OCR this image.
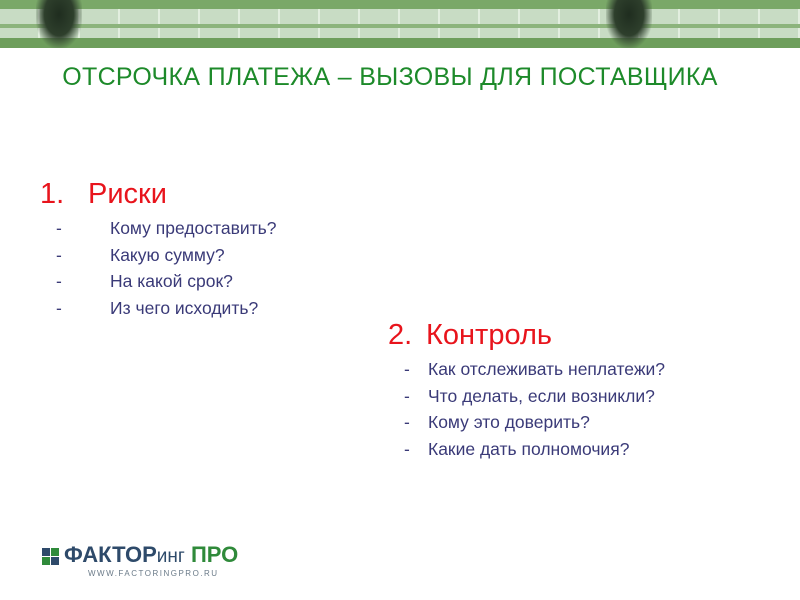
ОТСРОЧКА ПЛАТЕЖА – ВЫЗОВЫ ДЛЯ ПОСТАВЩИКА
1. Риски
-	Кому предоставить?
-	Какую сумму?
-	На какой срок?
-	Из чего исходить?
2. Контроль
- Как отслеживать неплатежи?
- Что делать, если возникли?
- Кому это доверить?
- Какие дать полномочия?
ФАКТОРинг ПРО
WWW.FACTORINGPRO.RU
